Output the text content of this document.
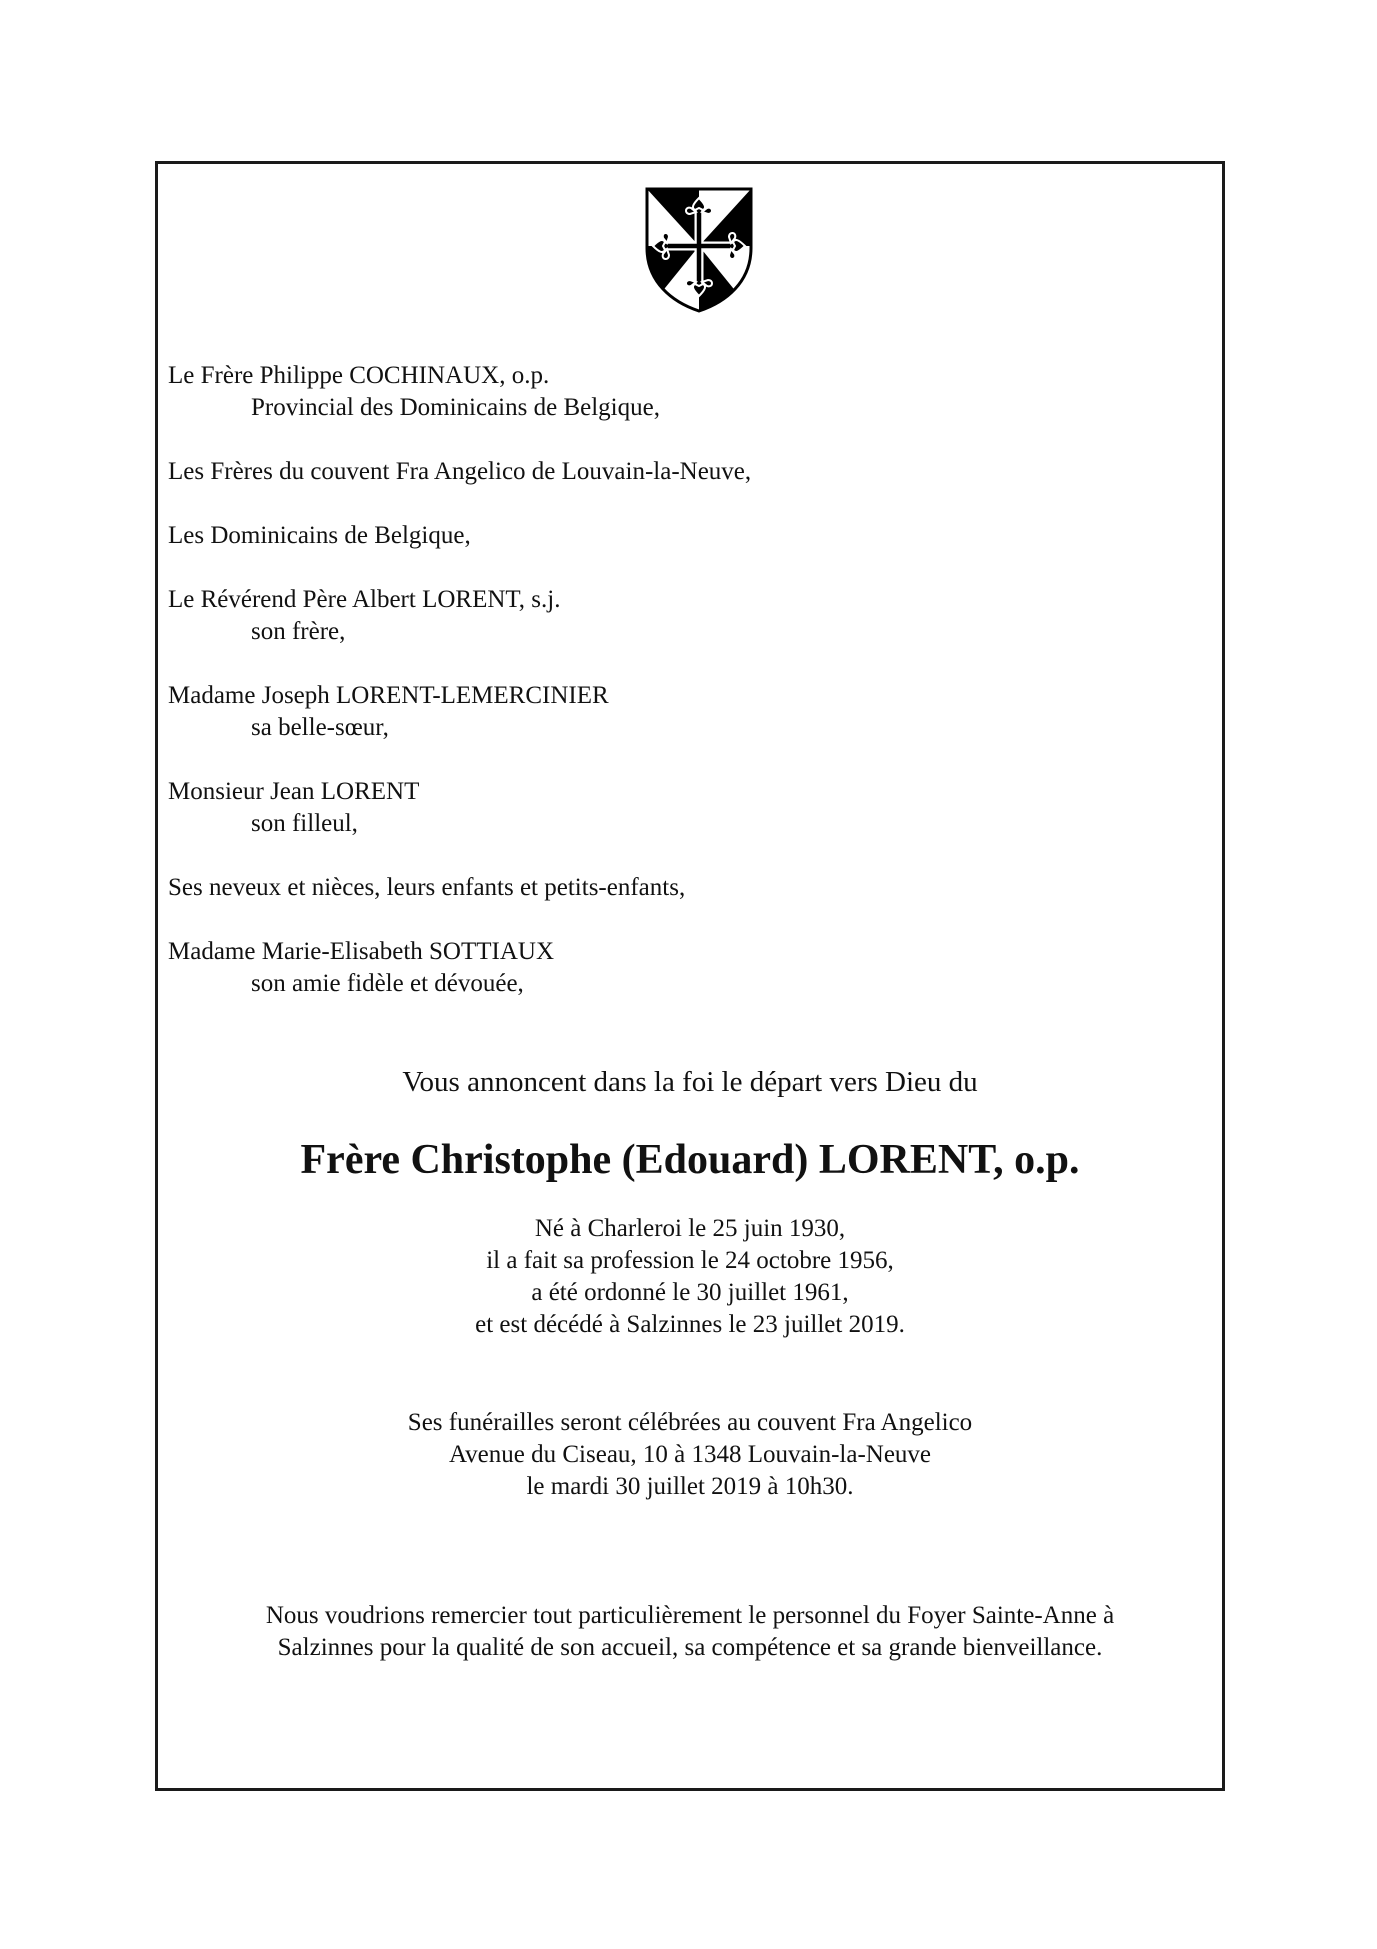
Le Frère Philippe COCHINAUX, o.p.
Provincial des Dominicains de Belgique,
Les Frères du couvent Fra Angelico de Louvain-la-Neuve,
Les Dominicains de Belgique,
Le Révérend Père Albert LORENT, s.j.
son frère,
Madame Joseph LORENT-LEMERCINIER
sa belle-sœur,
Monsieur Jean LORENT
son filleul,
Ses neveux et nièces, leurs enfants et petits-enfants,
Madame Marie-Elisabeth SOTTIAUX
son amie fidèle et dévouée,
Vous annoncent dans la foi le départ vers Dieu du
Frère Christophe (Edouard) LORENT, o.p.
Né à Charleroi le 25 juin 1930,
il a fait sa profession le 24 octobre 1956,
a été ordonné le 30 juillet 1961,
et est décédé à Salzinnes le 23 juillet 2019.
Ses funérailles seront célébrées au couvent Fra Angelico
Avenue du Ciseau, 10 à 1348 Louvain-la-Neuve
le mardi 30 juillet 2019 à 10h30.
Nous voudrions remercier tout particulièrement le personnel du Foyer Sainte-Anne à
Salzinnes pour la qualité de son accueil, sa compétence et sa grande bienveillance.
